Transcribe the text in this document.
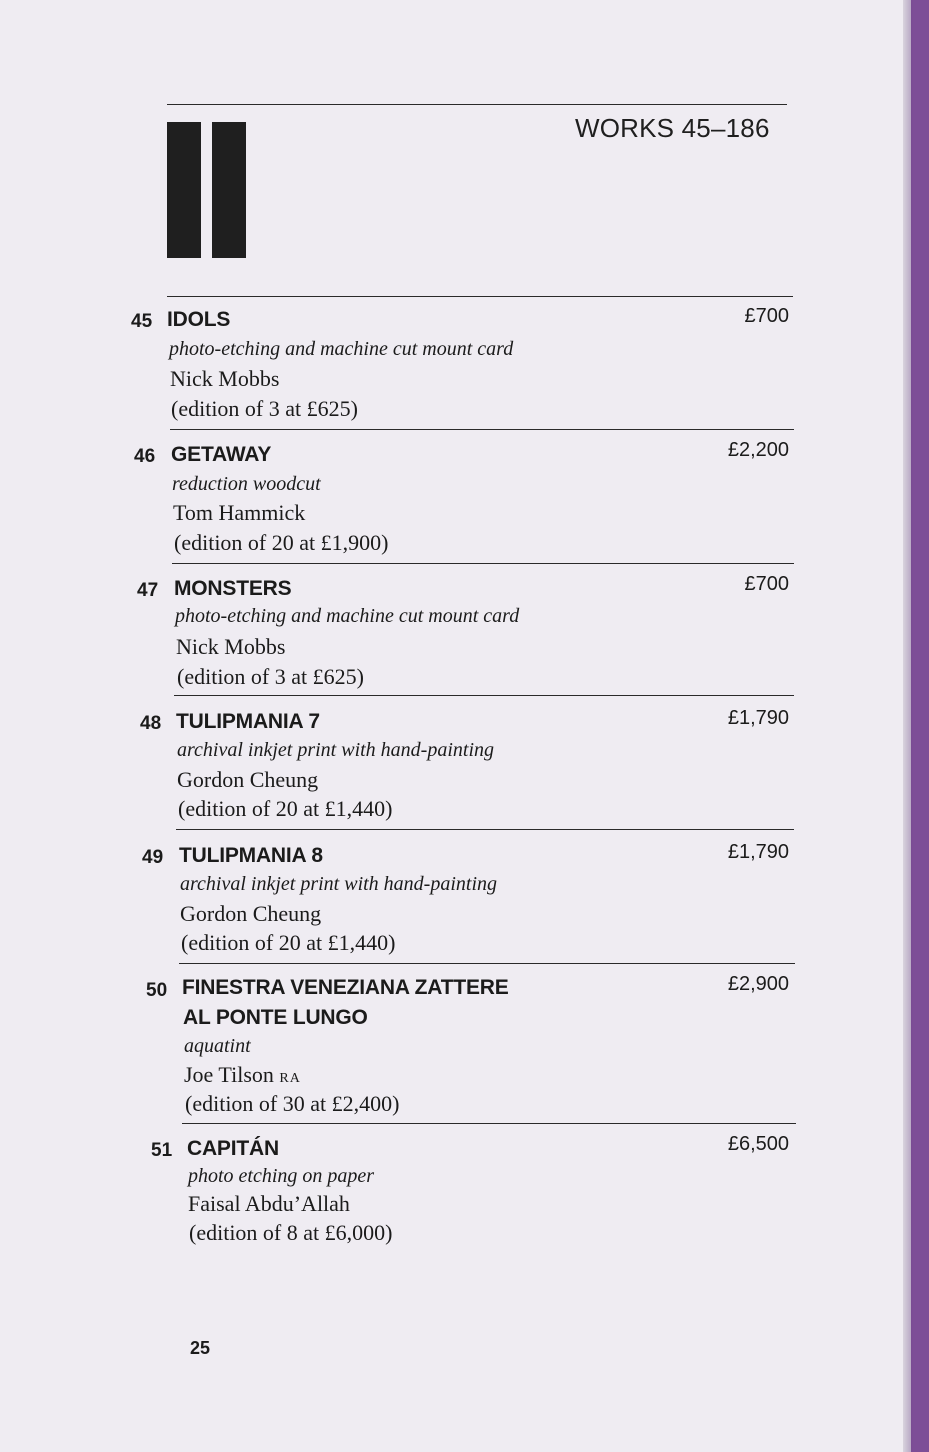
WORKS 45–186
45 IDOLS	£700
photo-etching and machine cut mount card
Nick Mobbs
(edition of 3 at £625)
46 GETAWAY	£2,200
reduction woodcut
Tom Hammick
(edition of 20 at £1,900)
47 MONSTERS	£700
photo-etching and machine cut mount card
Nick Mobbs
(edition of 3 at £625)
48 TULIPMANIA 7	£1,790
archival inkjet print with hand-painting
Gordon Cheung
(edition of 20 at £1,440)
49 TULIPMANIA 8	£1,790
archival inkjet print with hand-painting
Gordon Cheung
(edition of 20 at £1,440)
50 FINESTRA VENEZIANA ZATTERE
AL PONTE LUNGO
£2,900
aquatint
Joe Tilson RA
(edition of 30 at £2,400)
51 CAPITÁN	£6,500
photo etching on paper
Faisal Abdu’Allah
(edition of 8 at £6,000)
25
